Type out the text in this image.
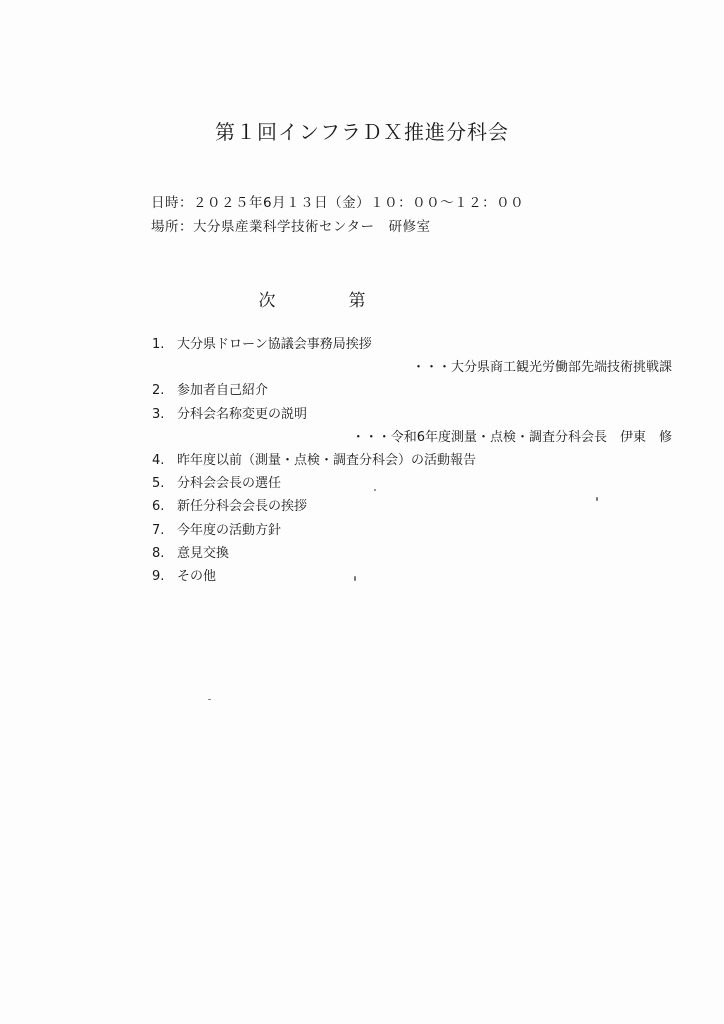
第１回インフラＤＸ推進分科会
日時：２０２５年6月１３日（金）１０：００〜１２：００
場所：大分県産業科学技術センター　研修室
次　第
1. 大分県ドローン協議会事務局挨拶
・・・大分県商工観光労働部先端技術挑戦課
2. 参加者自己紹介
3. 分科会名称変更の説明
・・・令和6年度測量・点検・調査分科会長　伊東　修
4. 昨年度以前（測量・点検・調査分科会）の活動報告
5. 分科会会長の選任
6. 新任分科会会長の挨拶
7. 今年度の活動方針
8. 意見交換
9. その他
